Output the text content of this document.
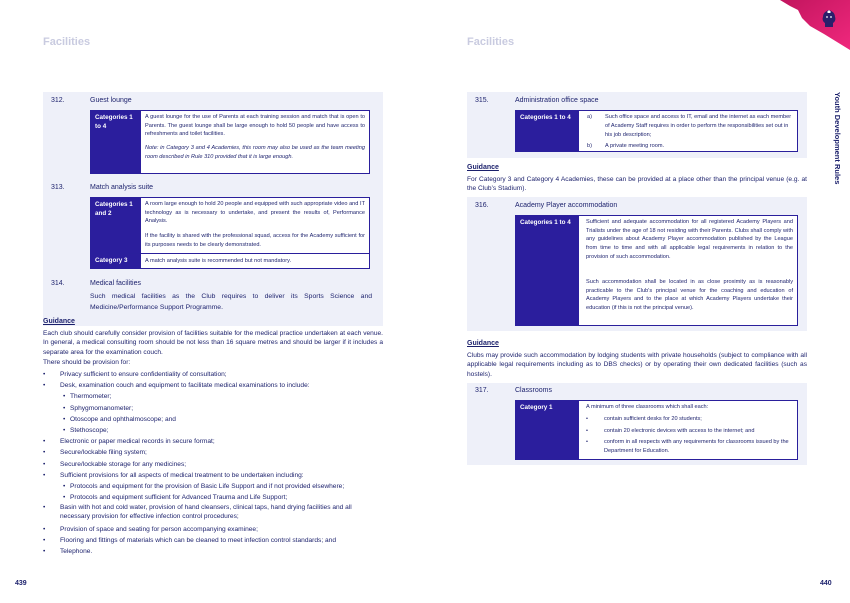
Facilities
312.	Guest lounge
Categories 1 to 4
A guest lounge for the use of Parents at each training session and match that is open to Parents. The guest lounge shall be large enough to hold 50 people and have access to refreshments and toilet facilities.
Note: in Category 3 and 4 Academies, this room may also be used as the team meeting room described in Rule 310 provided that it is large enough.
313.	Match analysis suite
Categories 1 and 2
A room large enough to hold 20 people and equipped with such appropriate video and IT technology as is necessary to undertake, and present the results of, Performance Analysis.
If the facility is shared with the professional squad, access for the Academy sufficient for its purposes needs to be clearly demonstrated.
Category 3	A match analysis suite is recommended but not mandatory.
314.	Medical facilities
Such medical facilities as the Club requires to deliver its Sports Science and Medicine/Performance Support Programme.
Guidance
Each club should carefully consider provision of facilities suitable for the medical practice undertaken at each venue. In general, a medical consulting room should be not less than 16 square metres and should be larger if it includes a separate area for the examination couch.
There should be provision for:
• Privacy sufficient to ensure confidentiality of consultation;
• Desk, examination couch and equipment to facilitate medical examinations to include:
• Thermometer;
• Sphygmomanometer;
• Otoscope and ophthalmoscope; and
• Stethoscope;
• Electronic or paper medical records in secure format;
• Secure/lockable filing system;
• Secure/lockable storage for any medicines;
• Sufficient provisions for all aspects of medical treatment to be undertaken including:
• Protocols and equipment for the provision of Basic Life Support and if not provided elsewhere;
• Protocols and equipment sufficient for Advanced Trauma and Life Support;
• Basin with hot and cold water, provision of hand cleansers, clinical taps, hand drying facilities and all necessary provision for effective infection control procedures;
• Provision of space and seating for person accompanying examinee;
• Flooring and fittings of materials which can be cleaned to meet infection control standards; and
• Telephone.
439
Facilities
315.	Administration office space
Categories 1 to 4	a) Such office space and access to IT, email and the internet as each member of Academy Staff requires in order to perform the responsibilities set out in his job description;
b) A private meeting room.
Guidance
For Category 3 and Category 4 Academies, these can be provided at a place other than the principal venue (e.g. at the Club’s Stadium).
316.	Academy Player accommodation
Categories 1 to 4	Sufficient and adequate accommodation for all registered Academy Players and Trialists under the age of 18 not residing with their Parents. Clubs shall comply with any guidelines about Academy Player accommodation published by the League from time to time and with all applicable legal requirements in relation to the provision of such accommodation.
Such accommodation shall be located in as close proximity as is reasonably practicable to the Club’s principal venue for the coaching and education of Academy Players and to the place at which Academy Players undertake their education (if this is not the principal venue).
Guidance
Clubs may provide such accommodation by lodging students with private households (subject to compliance with all applicable legal requirements including as to DBS checks) or by operating their own dedicated facilities (such as hostels).
317.	Classrooms
Category 1	A minimum of three classrooms which shall each:
•	contain sufficient desks for 20 students;
•	contain 20 electronic devices with access to the internet; and
•	conform in all respects with any requirements for classrooms issued by the Department for Education.
440
Youth Development Rules
